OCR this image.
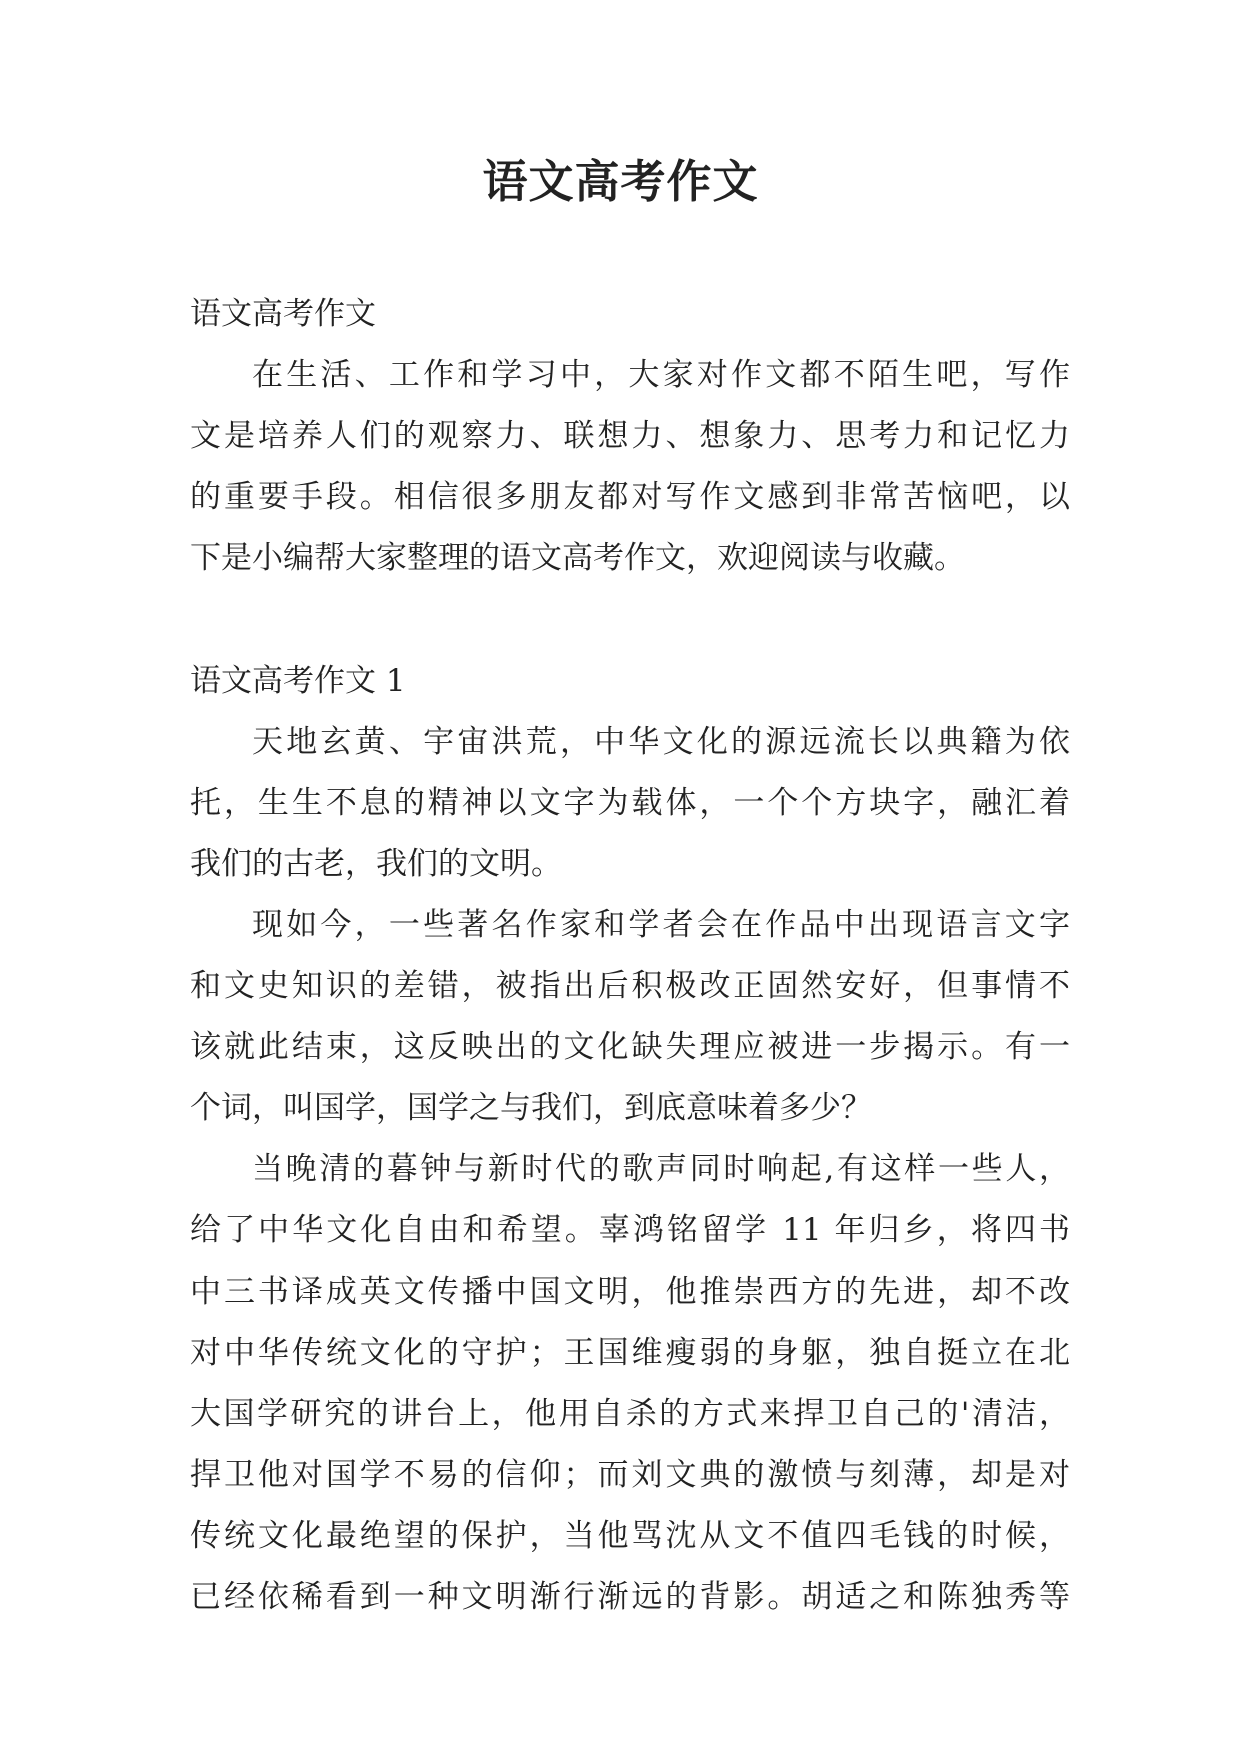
语文高考作文
语文高考作文
在生活、工作和学习中，大家对作文都不陌生吧，写作
文是培养人们的观察力、联想力、想象力、思考力和记忆力
的重要手段。相信很多朋友都对写作文感到非常苦恼吧，以
下是小编帮大家整理的语文高考作文，欢迎阅读与收藏。
语文高考作文 1
天地玄黄、宇宙洪荒，中华文化的源远流长以典籍为依
托，生生不息的精神以文字为载体，一个个方块字，融汇着
我们的古老，我们的文明。
现如今，一些著名作家和学者会在作品中出现语言文字
和文史知识的差错，被指出后积极改正固然安好，但事情不
该就此结束，这反映出的文化缺失理应被进一步揭示。有一
个词，叫国学，国学之与我们，到底意味着多少？
当晚清的暮钟与新时代的歌声同时响起,有这样一些人，
给了中华文化自由和希望。辜鸿铭留学 11 年归乡，将四书
中三书译成英文传播中国文明，他推崇西方的先进，却不改
对中华传统文化的守护；王国维瘦弱的身躯，独自挺立在北
大国学研究的讲台上，他用自杀的方式来捍卫自己的'清洁，
捍卫他对国学不易的信仰；而刘文典的激愤与刻薄，却是对
传统文化最绝望的保护，当他骂沈从文不值四毛钱的时候，
已经依稀看到一种文明渐行渐远的背影。胡适之和陈独秀等
